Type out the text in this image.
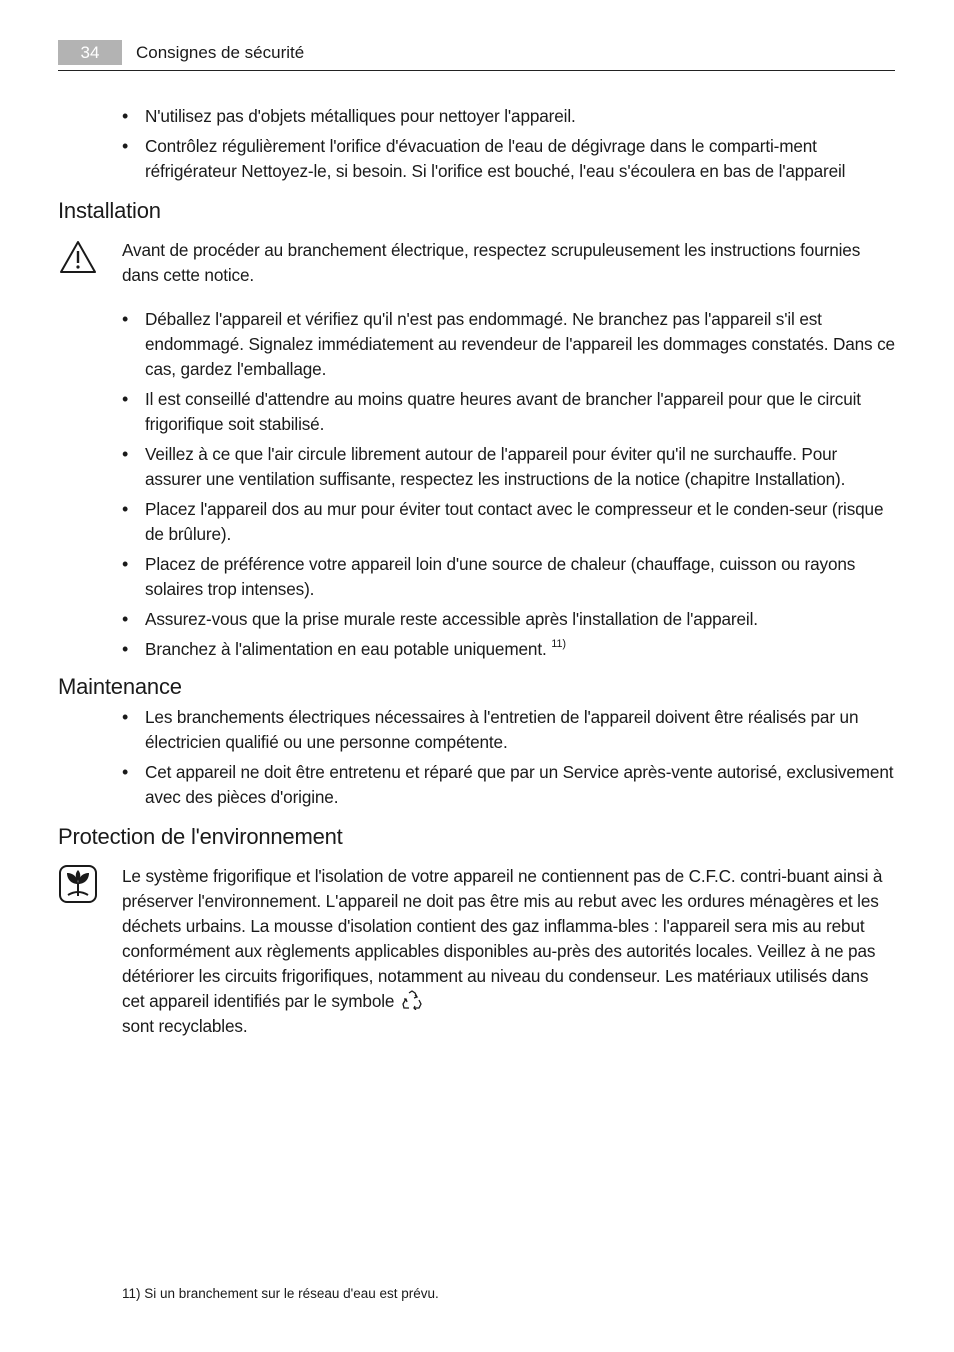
34	Consignes de sécurité
• N'utilisez pas d'objets métalliques pour nettoyer l'appareil.
• Contrôlez régulièrement l'orifice d'évacuation de l'eau de dégivrage dans le comparti-ment réfrigérateur Nettoyez-le, si besoin. Si l'orifice est bouché, l'eau s'écoulera en bas de l'appareil
Installation
Avant de procéder au branchement électrique, respectez scrupuleusement les instructions fournies dans cette notice.
• Déballez l'appareil et vérifiez qu'il n'est pas endommagé. Ne branchez pas l'appareil s'il est endommagé. Signalez immédiatement au revendeur de l'appareil les dommages constatés. Dans ce cas, gardez l'emballage.
• Il est conseillé d'attendre au moins quatre heures avant de brancher l'appareil pour que le circuit frigorifique soit stabilisé.
• Veillez à ce que l'air circule librement autour de l'appareil pour éviter qu'il ne surchauffe. Pour assurer une ventilation suffisante, respectez les instructions de la notice (chapitre Installation).
• Placez l'appareil dos au mur pour éviter tout contact avec le compresseur et le conden-seur (risque de brûlure).
• Placez de préférence votre appareil loin d'une source de chaleur (chauffage, cuisson ou rayons solaires trop intenses).
• Assurez-vous que la prise murale reste accessible après l'installation de l'appareil.
• Branchez à l'alimentation en eau potable uniquement. $^{11)}$
Maintenance
• Les branchements électriques nécessaires à l'entretien de l'appareil doivent être réalisés par un électricien qualifié ou une personne compétente.
• Cet appareil ne doit être entretenu et réparé que par un Service après-vente autorisé, exclusivement avec des pièces d'origine.
Protection de l'environnement
Le système frigorifique et l'isolation de votre appareil ne contiennent pas de C.F.C. contri-buant ainsi à préserver l'environnement. L'appareil ne doit pas être mis au rebut avec les ordures ménagères et les déchets urbains. La mousse d'isolation contient des gaz inflamma-bles : l'appareil sera mis au rebut conformément aux règlements applicables disponibles au-près des autorités locales. Veillez à ne pas détériorer les circuits frigorifiques, notamment au niveau du condenseur. Les matériaux utilisés dans cet appareil identifiés par le symbole
sont recyclables.
11) Si un branchement sur le réseau d'eau est prévu.
